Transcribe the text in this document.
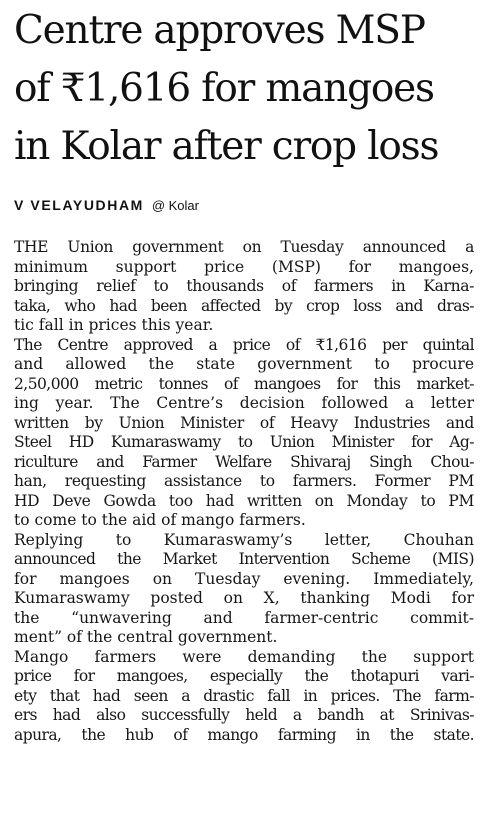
Centre approves MSP
of ₹1,616 for mangoes
in Kolar after crop loss
V VELAYUDHAM @ Kolar

THE Union government on Tuesday announced a
minimum support price (MSP) for mangoes,
bringing relief to thousands of farmers in Karna-
taka, who had been affected by crop loss and dras-
tic fall in prices this year.

The Centre approved a price of ₹1,616 per quintal
and allowed the state government to procure
2,50,000 metric tonnes of mangoes for this market-
ing year. The Centre’s decision followed a letter
written by Union Minister of Heavy Industries and
Steel HD Kumaraswamy to Union Minister for Ag-
riculture and Farmer Welfare Shivaraj Singh Chou-
han, requesting assistance to farmers. Former PM
HD Deve Gowda too had written on Monday to PM
to come to the aid of mango farmers.

Replying to Kumaraswamy’s letter, Chouhan
announced the Market Intervention Scheme (MIS)
for mangoes on Tuesday evening. Immediately,
Kumaraswamy posted on X, thanking Modi for
the “unwavering and farmer-centric commit-
ment” of the central government.

Mango farmers were demanding the support
price for mangoes, especially the thotapuri vari-
ety that had seen a drastic fall in prices. The farm-
ers had also successfully held a bandh at Srinivas-
apura, the hub of mango farming in the state.
